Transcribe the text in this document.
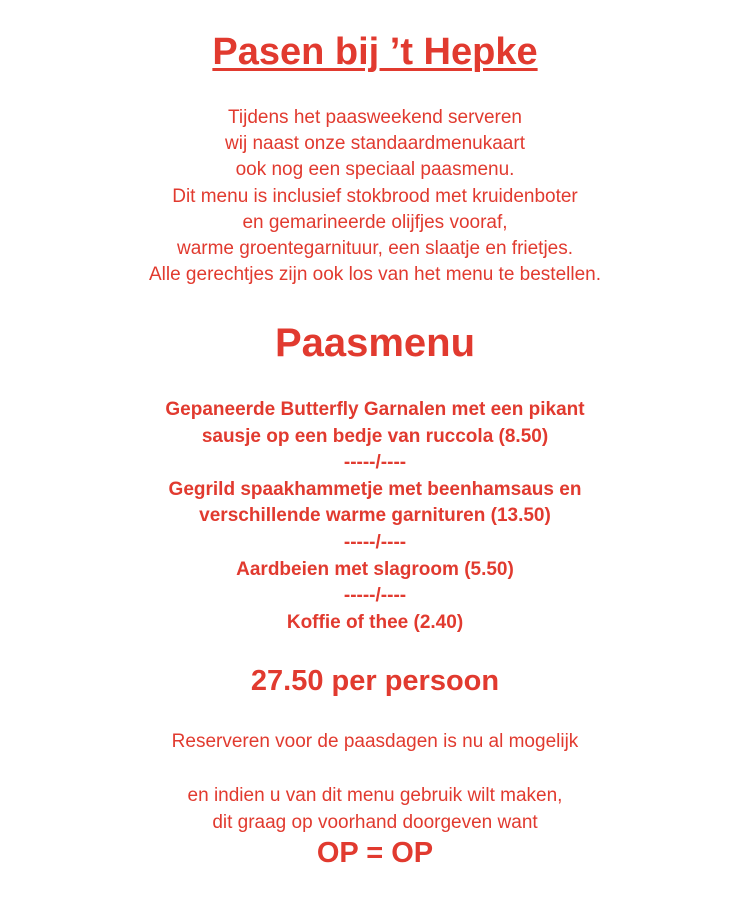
Pasen bij ’t Hepke
Tijdens het paasweekend serveren
wij naast onze standaardmenukaart
ook nog een speciaal paasmenu.
Dit menu is inclusief stokbrood met kruidenboter
en gemarineerde olijfjes vooraf,
warme groentegarnituur, een slaatje en frietjes.
Alle gerechtjes zijn ook los van het menu te bestellen.
Paasmenu
Gepaneerde Butterfly Garnalen met een pikant
sausje op een bedje van ruccola (8.50)
-----/----
Gegrild spaakhammetje met beenhamsaus en
verschillende warme garnituren (13.50)
-----/----
Aardbeien met slagroom (5.50)
-----/----
Koffie of thee (2.40)
27.50 per persoon
Reserveren voor de paasdagen is nu al mogelijk
en indien u van dit menu gebruik wilt maken,
dit graag op voorhand doorgeven want
OP = OP
